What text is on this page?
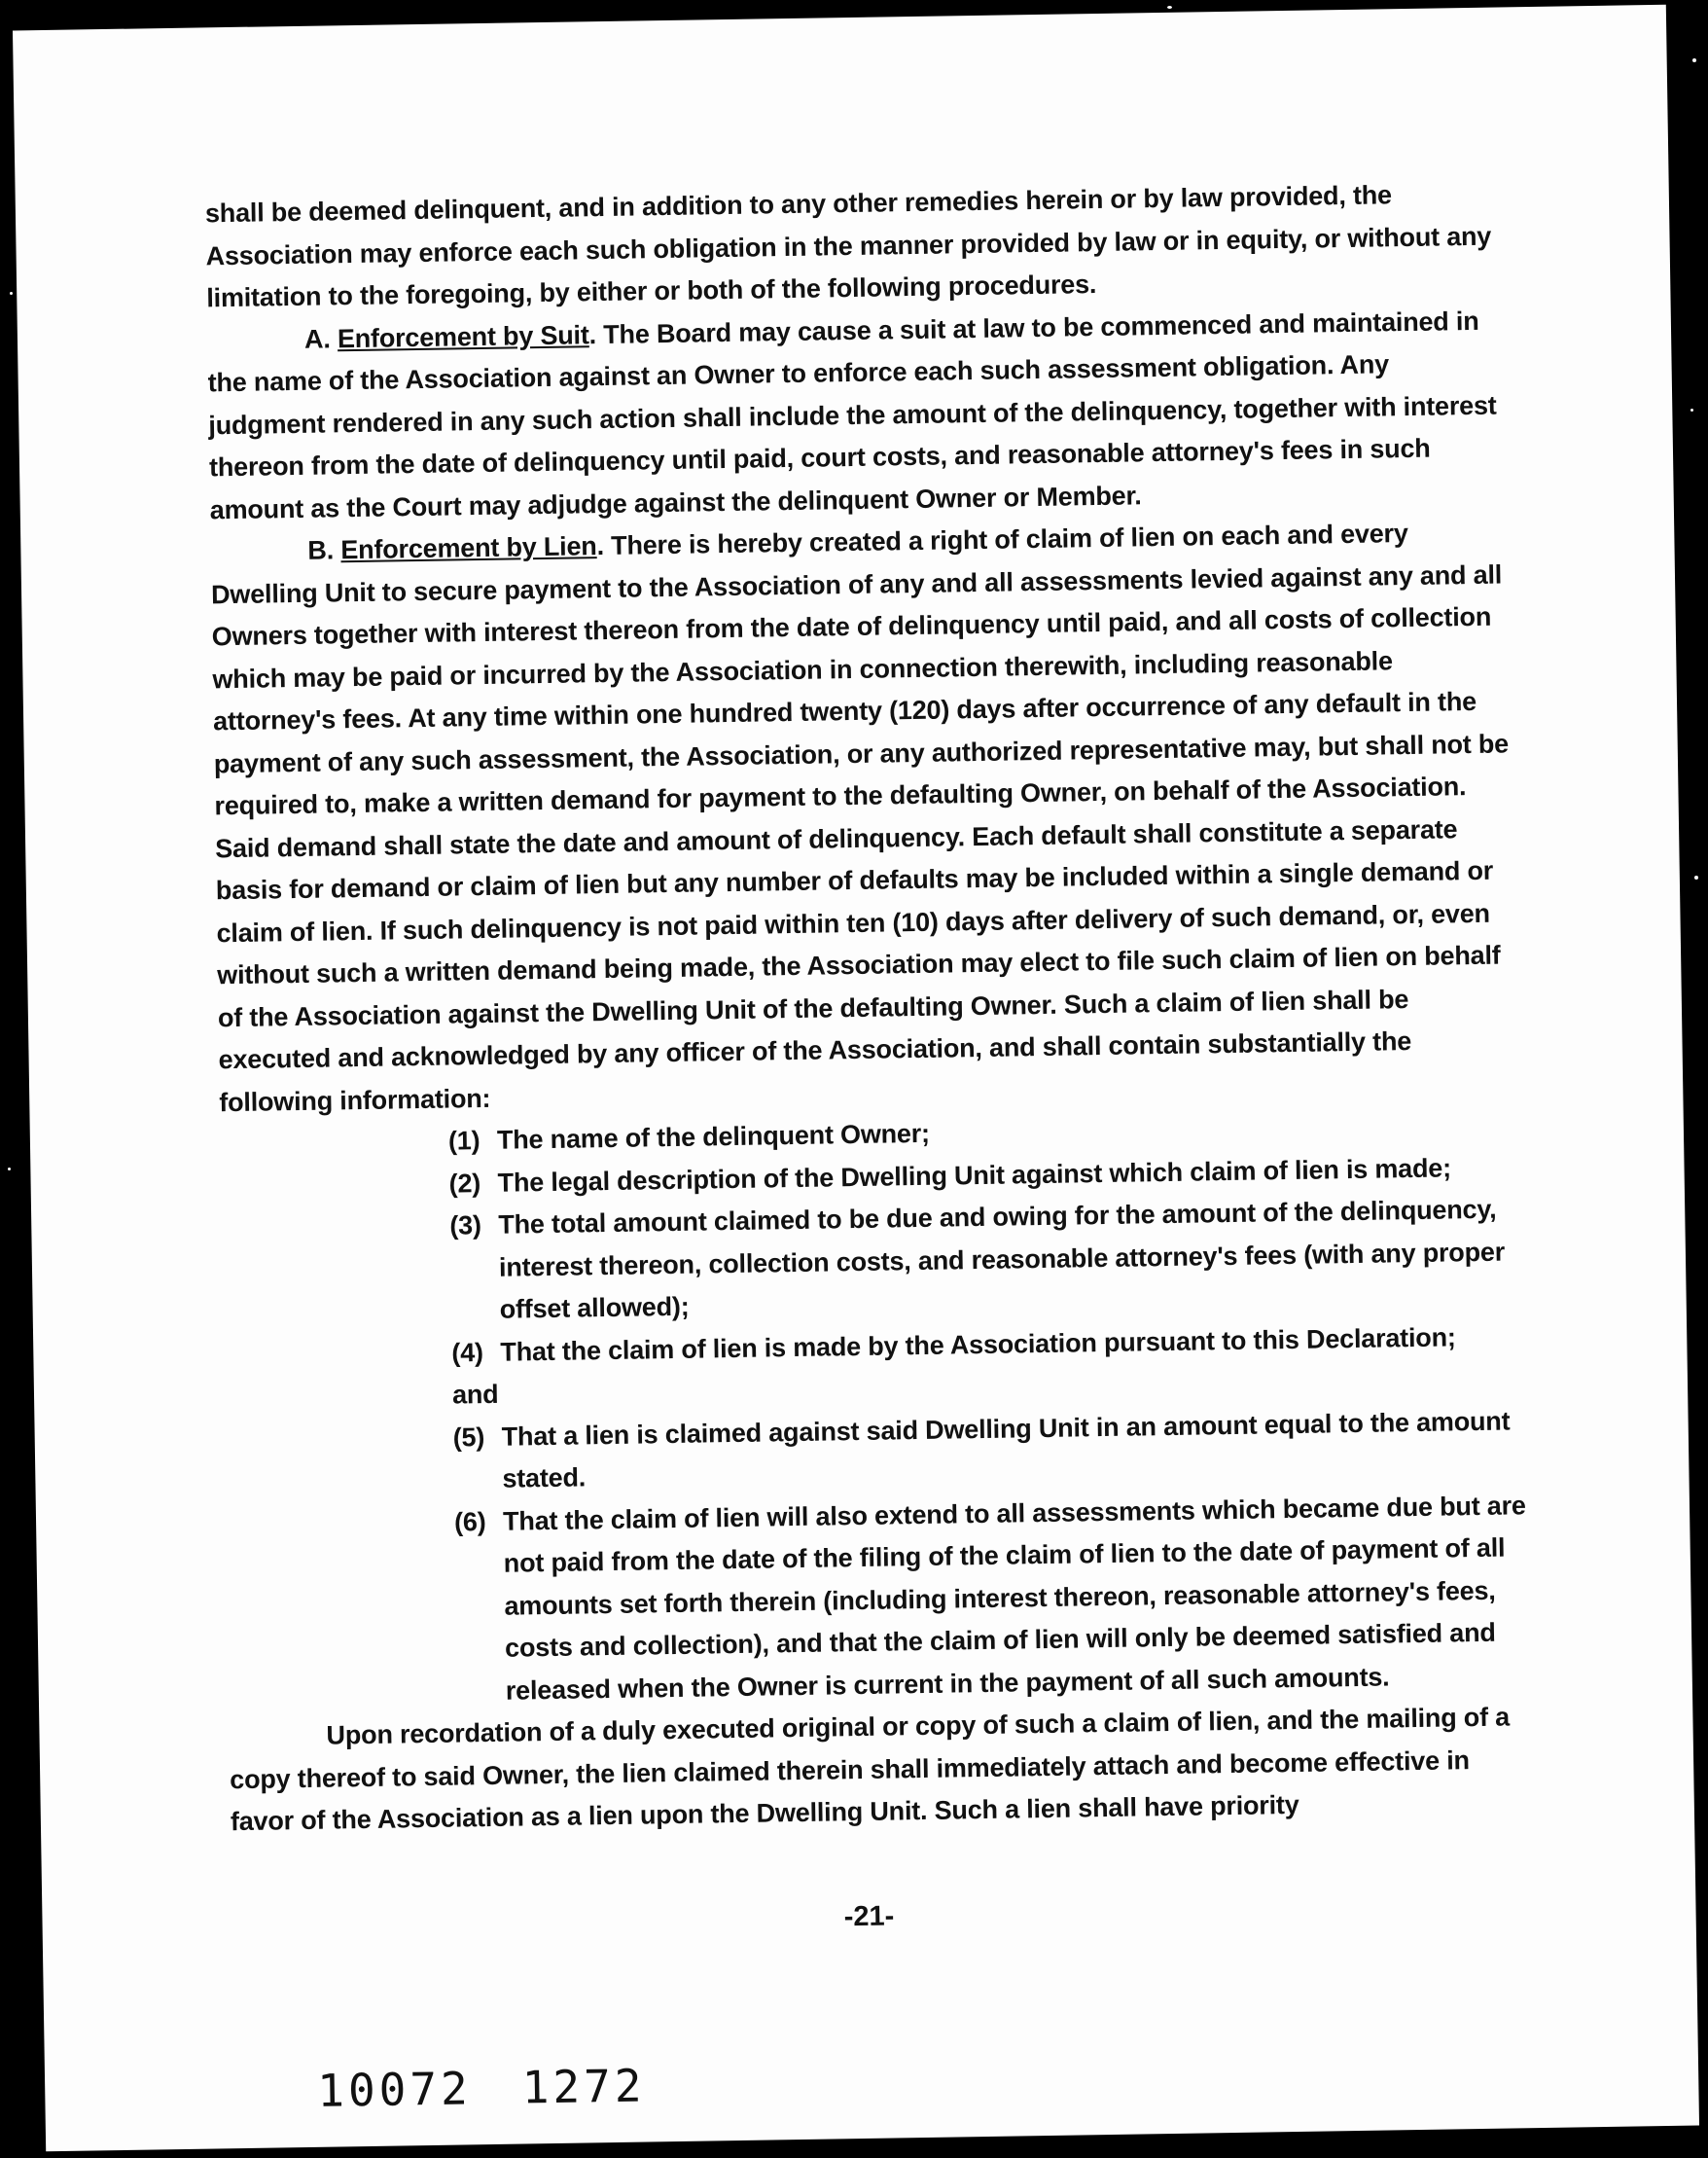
shall be deemed delinquent, and in addition to any other remedies herein or by law provided, the Association may enforce each such obligation in the manner provided by law or in equity, or without any limitation to the foregoing, by either or both of the following procedures.

A. Enforcement by Suit. The Board may cause a suit at law to be commenced and maintained in the name of the Association against an Owner to enforce each such assessment obligation. Any judgment rendered in any such action shall include the amount of the delinquency, together with interest thereon from the date of delinquency until paid, court costs, and reasonable attorney's fees in such amount as the Court may adjudge against the delinquent Owner or Member.

B. Enforcement by Lien. There is hereby created a right of claim of lien on each and every Dwelling Unit to secure payment to the Association of any and all assessments levied against any and all Owners together with interest thereon from the date of delinquency until paid, and all costs of collection which may be paid or incurred by the Association in connection therewith, including reasonable attorney's fees. At any time within one hundred twenty (120) days after occurrence of any default in the payment of any such assessment, the Association, or any authorized representative may, but shall not be required to, make a written demand for payment to the defaulting Owner, on behalf of the Association. Said demand shall state the date and amount of delinquency. Each default shall constitute a separate basis for demand or claim of lien but any number of defaults may be included within a single demand or claim of lien. If such delinquency is not paid within ten (10) days after delivery of such demand, or, even without such a written demand being made, the Association may elect to file such claim of lien on behalf of the Association against the Dwelling Unit of the defaulting Owner. Such a claim of lien shall be executed and acknowledged by any officer of the Association, and shall contain substantially the following information:

(1) The name of the delinquent Owner;
(2) The legal description of the Dwelling Unit against which claim of lien is made;
(3) The total amount claimed to be due and owing for the amount of the delinquency, interest thereon, collection costs, and reasonable attorney's fees (with any proper offset allowed);
(4) That the claim of lien is made by the Association pursuant to this Declaration;

and

(5) That a lien is claimed against said Dwelling Unit in an amount equal to the amount stated.
(6) That the claim of lien will also extend to all assessments which became due but are not paid from the date of the filing of the claim of lien to the date of payment of all amounts set forth therein (including interest thereon, reasonable attorney's fees, costs and collection), and that the claim of lien will only be deemed satisfied and released when the Owner is current in the payment of all such amounts.

Upon recordation of a duly executed original or copy of such a claim of lien, and the mailing of a copy thereof to said Owner, the lien claimed therein shall immediately attach and become effective in favor of the Association as a lien upon the Dwelling Unit. Such a lien shall have priority

-21-
10072 1272
